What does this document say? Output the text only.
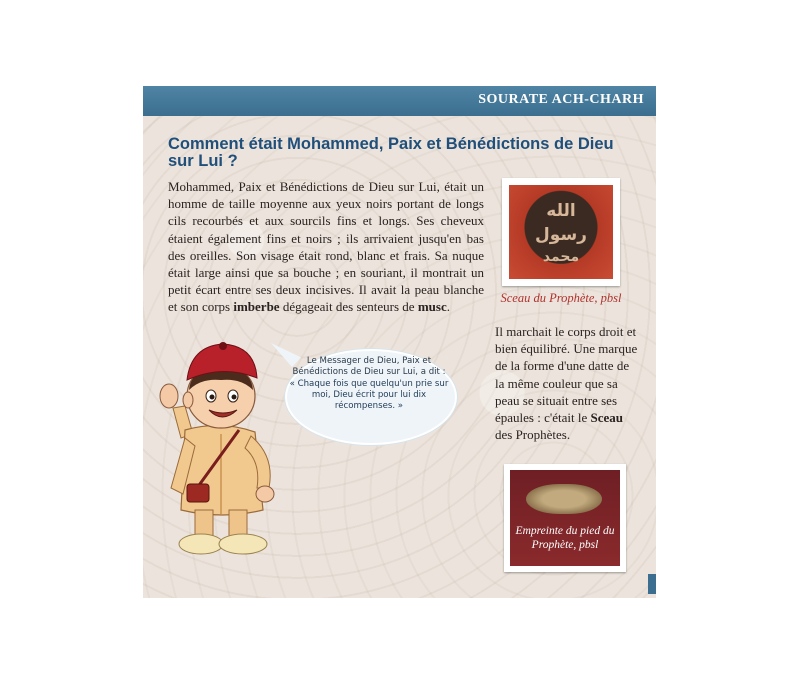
SOURATE ACH-CHARH
Comment était Mohammed, Paix et Bénédictions de Dieu sur Lui ?

Mohammed, Paix et Bénédictions de Dieu sur Lui, était un homme de taille moyenne aux yeux noirs portant de longs cils recourbés et aux sourcils fins et longs. Ses cheveux étaient également fins et noirs ; ils arrivaient jusqu'en bas des oreilles. Son visage était rond, blanc et frais. Sa nuque était large ainsi que sa bouche ; en souriant, il montrait un petit écart entre ses deux incisives. Il avait la peau blanche et son corps imberbe dégageait des senteurs de musc.

الله
رسول
محمد

Sceau du Prophète, pbsl

Il marchait le corps droit et bien équilibré. Une marque de la forme d'une datte de la même couleur que sa peau se situait entre ses épaules : c'était le Sceau des Prophètes.

Empreinte du pied du Prophète, pbsl
Le Messager de Dieu, Paix et Bénédictions de Dieu sur Lui, a dit :
« Chaque fois que quelqu'un prie sur moi, Dieu écrit pour lui dix récompenses. »
